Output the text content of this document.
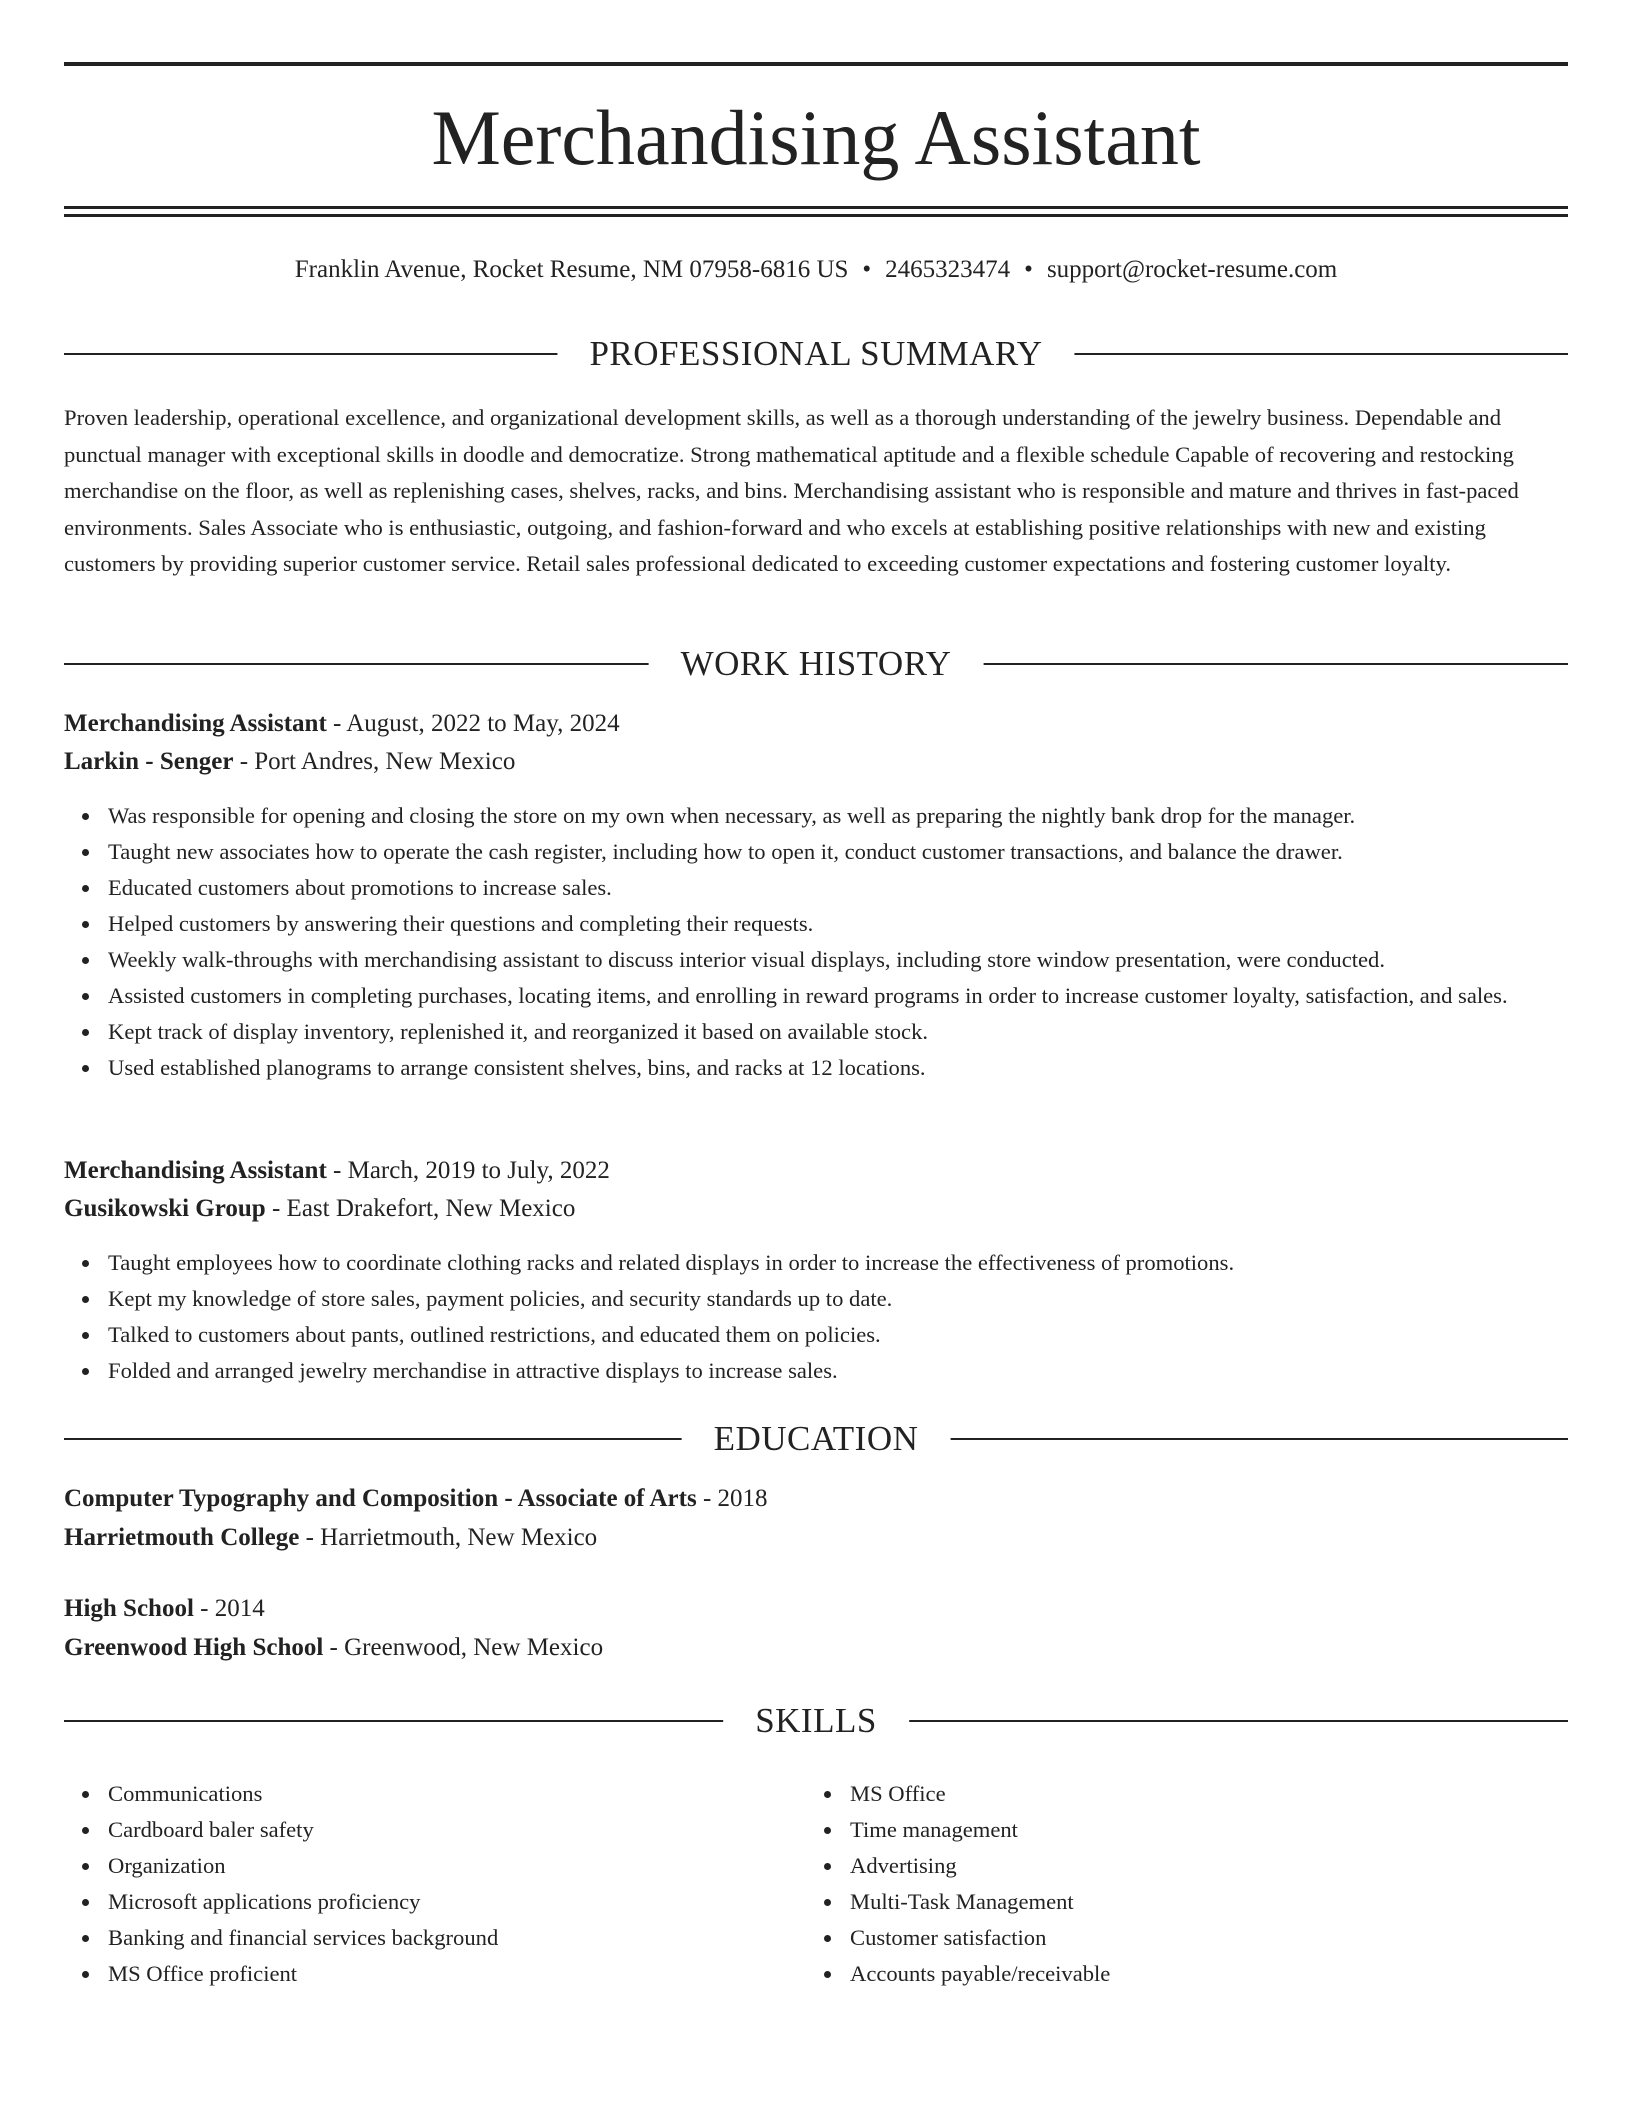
Merchandising Assistant
Franklin Avenue, Rocket Resume, NM 07958-6816 US • 2465323474 • support@rocket-resume.com
PROFESSIONAL SUMMARY

Proven leadership, operational excellence, and organizational development skills, as well as a thorough understanding of the jewelry business. Dependable and punctual manager with exceptional skills in doodle and democratize. Strong mathematical aptitude and a flexible schedule Capable of recovering and restocking merchandise on the floor, as well as replenishing cases, shelves, racks, and bins. Merchandising assistant who is responsible and mature and thrives in fast-paced environments. Sales Associate who is enthusiastic, outgoing, and fashion-forward and who excels at establishing positive relationships with new and existing customers by providing superior customer service. Retail sales professional dedicated to exceeding customer expectations and fostering customer loyalty.

WORK HISTORY
Merchandising Assistant - August, 2022 to May, 2024
Larkin - Senger - Port Andres, New Mexico
Was responsible for opening and closing the store on my own when necessary, as well as preparing the nightly bank drop for the manager.
Taught new associates how to operate the cash register, including how to open it, conduct customer transactions, and balance the drawer.
Educated customers about promotions to increase sales.
Helped customers by answering their questions and completing their requests.
Weekly walk-throughs with merchandising assistant to discuss interior visual displays, including store window presentation, were conducted.
Assisted customers in completing purchases, locating items, and enrolling in reward programs in order to increase customer loyalty, satisfaction, and sales.
Kept track of display inventory, replenished it, and reorganized it based on available stock.
Used established planograms to arrange consistent shelves, bins, and racks at 12 locations.
Merchandising Assistant - March, 2019 to July, 2022
Gusikowski Group - East Drakefort, New Mexico
Taught employees how to coordinate clothing racks and related displays in order to increase the effectiveness of promotions.
Kept my knowledge of store sales, payment policies, and security standards up to date.
Talked to customers about pants, outlined restrictions, and educated them on policies.
Folded and arranged jewelry merchandise in attractive displays to increase sales.
EDUCATION
Computer Typography and Composition - Associate of Arts - 2018
Harrietmouth College - Harrietmouth, New Mexico
High School - 2014
Greenwood High School - Greenwood, New Mexico
SKILLS
Communications
Cardboard baler safety
Organization
Microsoft applications proficiency
Banking and financial services background
MS Office proficient
MS Office
Time management
Advertising
Multi-Task Management
Customer satisfaction
Accounts payable/receivable
